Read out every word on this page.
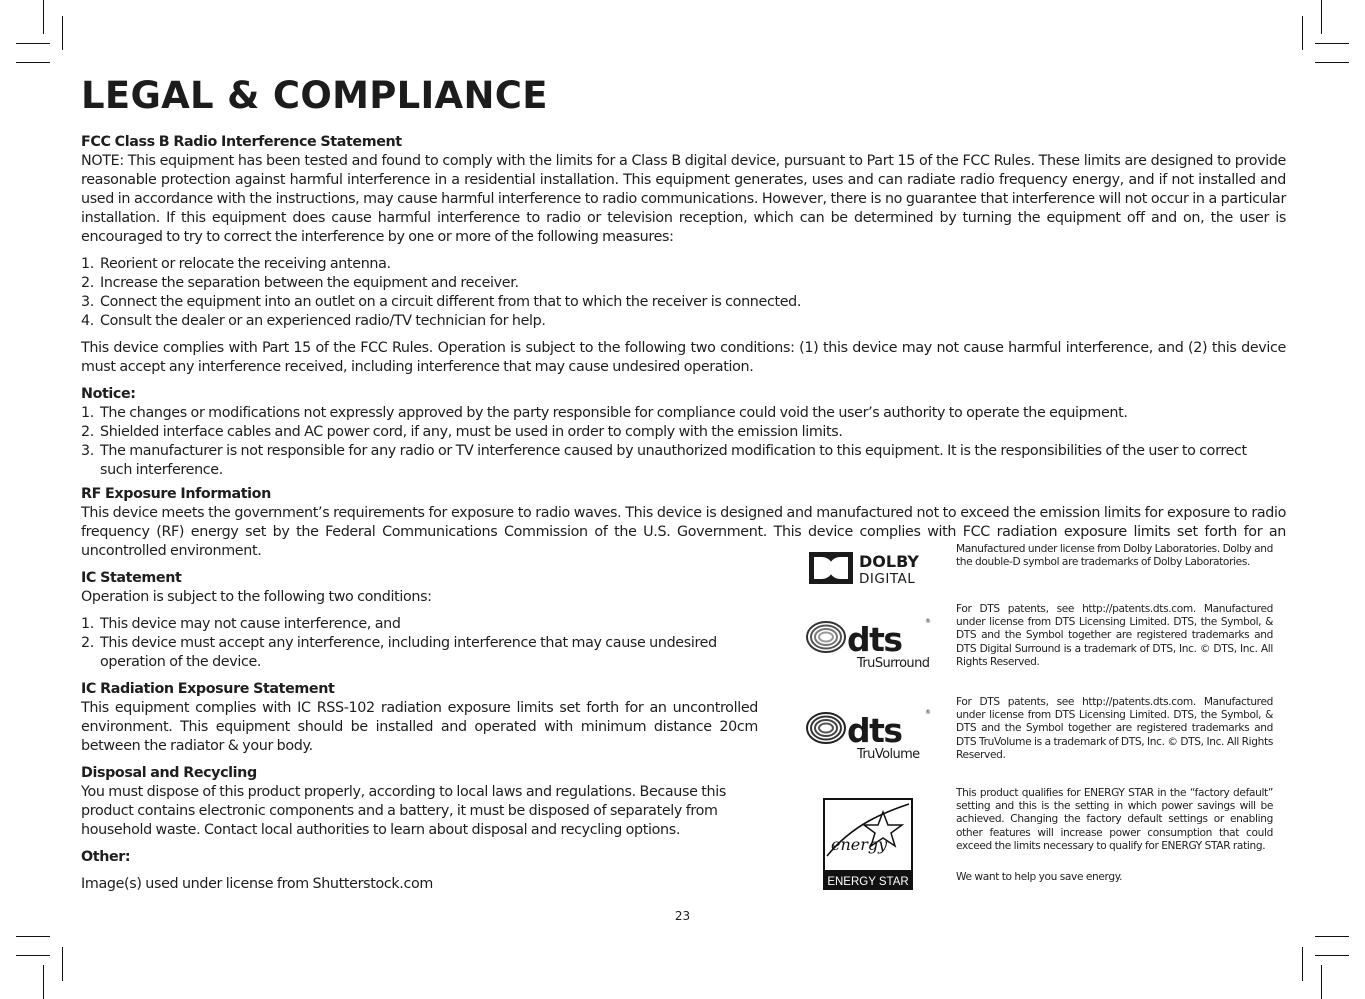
LEGAL & COMPLIANCE

FCC Class B Radio Interference Statement

NOTE: This equipment has been tested and found to comply with the limits for a Class B digital device, pursuant to Part 15 of the FCC Rules. These limits are designed to provide reasonable protection against harmful interference in a residential installation. This equipment generates, uses and can radiate radio frequency energy, and if not installed and used in accordance with the instructions, may cause harmful interference to radio communications. However, there is no guarantee that interference will not occur in a particular installation. If this equipment does cause harmful interference to radio or television reception, which can be determined by turning the equipment off and on, the user is encouraged to try to correct the interference by one or more of the following measures:

1. Reorient or relocate the receiving antenna.
2. Increase the separation between the equipment and receiver.
3. Connect the equipment into an outlet on a circuit different from that to which the receiver is connected.
4. Consult the dealer or an experienced radio/TV technician for help.

This device complies with Part 15 of the FCC Rules. Operation is subject to the following two conditions: (1) this device may not cause harmful interference, and (2) this device must accept any interference received, including interference that may cause undesired operation.

Notice:

1. The changes or modifications not expressly approved by the party responsible for compliance could void the user’s authority to operate the equipment.
2. Shielded interface cables and AC power cord, if any, must be used in order to comply with the emission limits.
3. The manufacturer is not responsible for any radio or TV interference caused by unauthorized modification to this equipment. It is the responsibilities of the user to correct such interference.

RF Exposure Information

This device meets the government’s requirements for exposure to radio waves. This device is designed and manufactured not to exceed the emission limits for exposure to radio frequency (RF) energy set by the Federal Communications Commission of the U.S. Government. This device complies with FCC radiation exposure limits set forth for an uncontrolled environment.

IC Statement

Operation is subject to the following two conditions:

1. This device may not cause interference, and
2. This device must accept any interference, including interference that may cause undesired operation of the device.

IC Radiation Exposure Statement

This equipment complies with IC RSS-102 radiation exposure limits set forth for an uncontrolled environment. This equipment should be installed and operated with minimum distance 20cm between the radiator & your body.

Disposal and Recycling

You must dispose of this product properly, according to local laws and regulations. Because this product contains electronic components and a battery, it must be disposed of separately from household waste. Contact local authorities to learn about disposal and recycling options.

Other:

Image(s) used under license from Shutterstock.com

DOLBY
DIGITAL

Manufactured under license from Dolby Laboratories. Dolby and the double-D symbol are trademarks of Dolby Laboratories.

dts	®
TruSurround

For DTS patents, see http://patents.dts.com. Manufactured under license from DTS Licensing Limited. DTS, the Symbol, & DTS and the Symbol together are registered trademarks and DTS Digital Surround is a trademark of DTS, Inc. © DTS, Inc. All Rights Reserved.

dts	®
TruVolume

For DTS patents, see http://patents.dts.com. Manufactured under license from DTS Licensing Limited. DTS, the Symbol, & DTS and the Symbol together are registered trademarks and DTS TruVolume is a trademark of DTS, Inc. © DTS, Inc. All Rights Reserved.

energy
ENERGY STAR

This product qualifies for ENERGY STAR in the “factory default” setting and this is the setting in which power savings will be achieved. Changing the factory default settings or enabling other features will increase power consumption that could exceed the limits necessary to qualify for ENERGY STAR rating.

We want to help you save energy.

23
